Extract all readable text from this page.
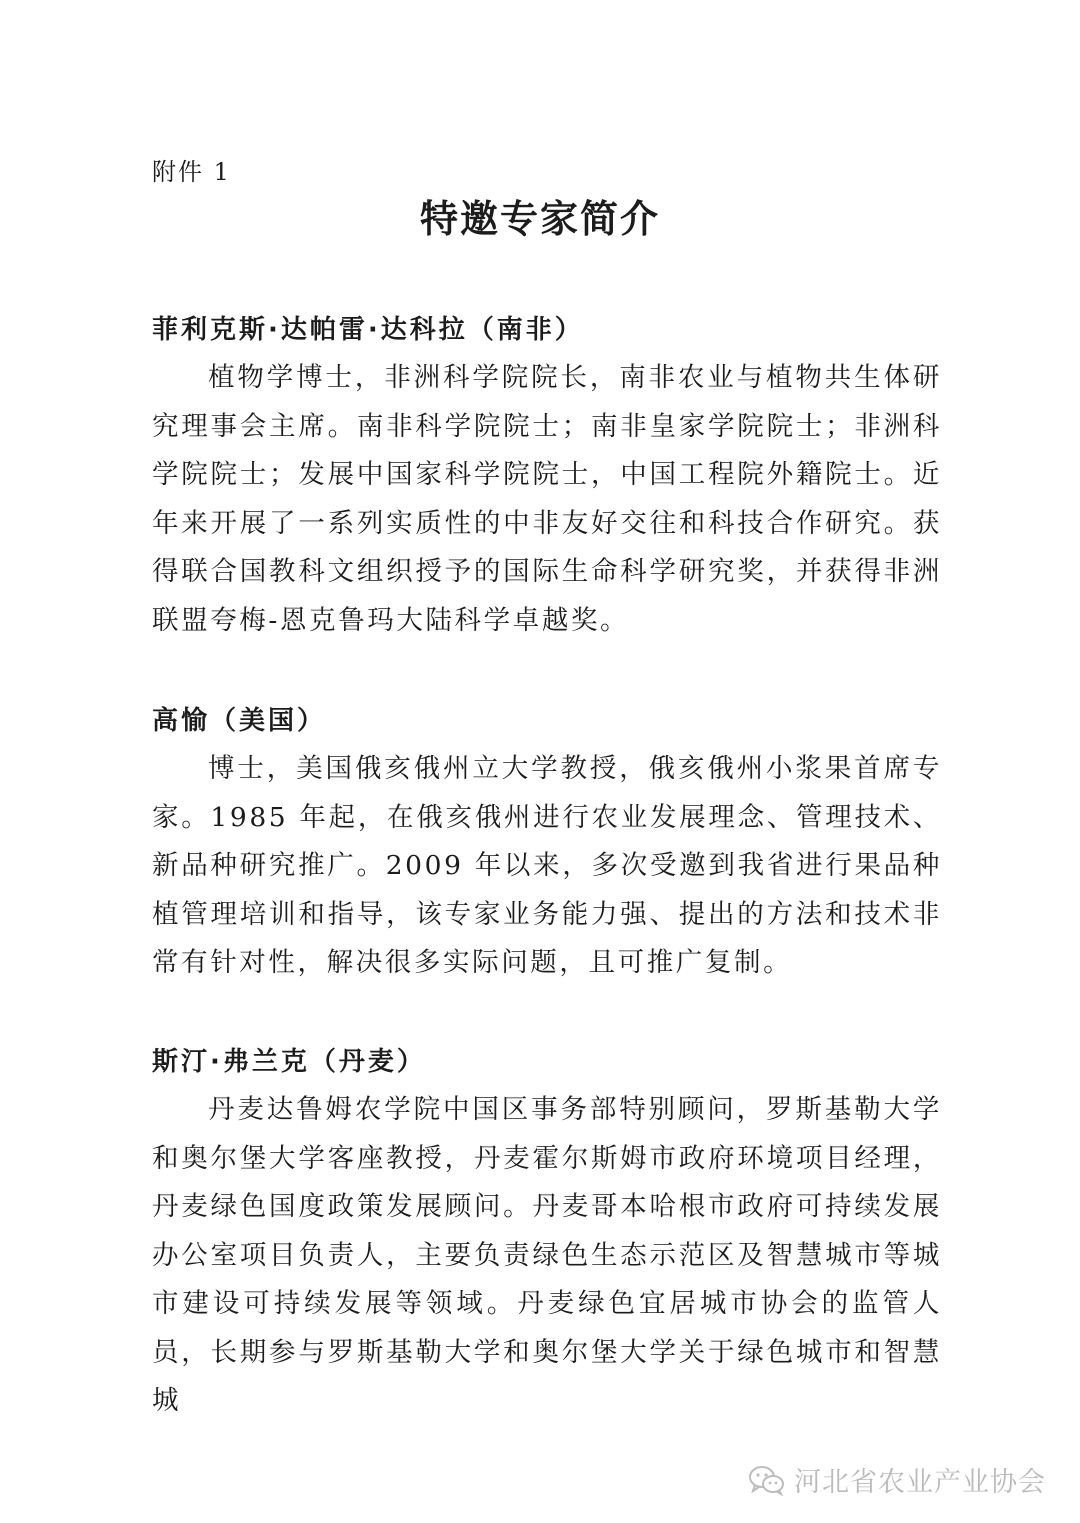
附件 1
特邀专家简介
菲利克斯·达帕雷·达科拉（南非）

植物学博士，非洲科学院院长，南非农业与植物共生体研究理事会主席。南非科学院院士；南非皇家学院院士；非洲科学院院士；发展中国家科学院院士，中国工程院外籍院士。近年来开展了一系列实质性的中非友好交往和科技合作研究。获得联合国教科文组织授予的国际生命科学研究奖，并获得非洲联盟夸梅-恩克鲁玛大陆科学卓越奖。

高愉（美国）

博士，美国俄亥俄州立大学教授，俄亥俄州小浆果首席专家。1985 年起，在俄亥俄州进行农业发展理念、管理技术、新品种研究推广。2009 年以来，多次受邀到我省进行果品种植管理培训和指导，该专家业务能力强、提出的方法和技术非常有针对性，解决很多实际问题，且可推广复制。

斯汀·弗兰克（丹麦）

丹麦达鲁姆农学院中国区事务部特别顾问，罗斯基勒大学和奥尔堡大学客座教授，丹麦霍尔斯姆市政府环境项目经理，丹麦绿色国度政策发展顾问。丹麦哥本哈根市政府可持续发展办公室项目负责人，主要负责绿色生态示范区及智慧城市等城市建设可持续发展等领域。丹麦绿色宜居城市协会的监管人员，长期参与罗斯基勒大学和奥尔堡大学关于绿色城市和智慧城

河北省农业产业协会
